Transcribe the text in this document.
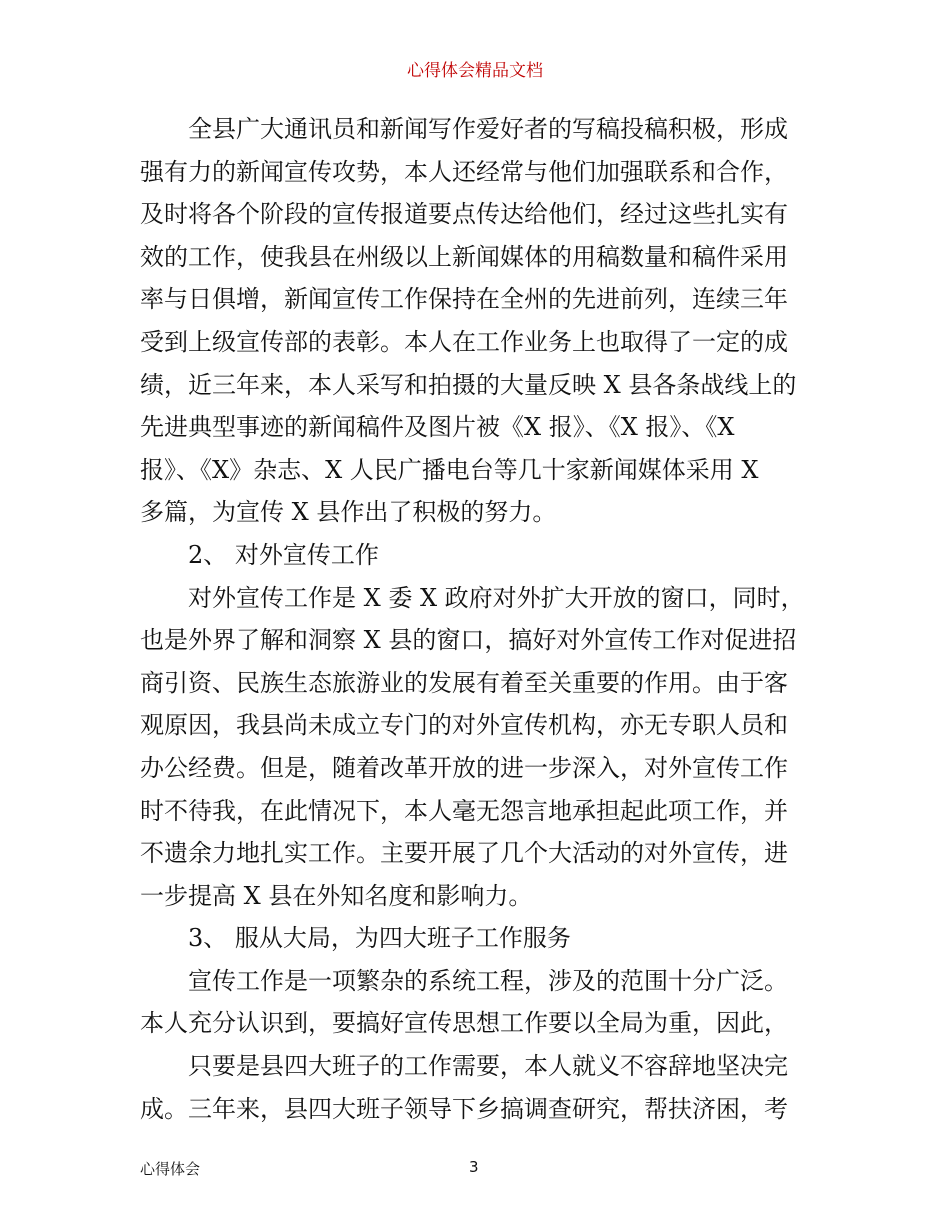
心得体会精品文档
全县广大通讯员和新闻写作爱好者的写稿投稿积极，形成
强有力的新闻宣传攻势，本人还经常与他们加强联系和合作，
及时将各个阶段的宣传报道要点传达给他们，经过这些扎实有
效的工作，使我县在州级以上新闻媒体的用稿数量和稿件采用
率与日俱增，新闻宣传工作保持在全州的先进前列，连续三年
受到上级宣传部的表彰。本人在工作业务上也取得了一定的成
绩，近三年来，本人采写和拍摄的大量反映 X 县各条战线上的
先进典型事迹的新闻稿件及图片被《X 报》、《X 报》、《X
报》、《X》杂志、X 人民广播电台等几十家新闻媒体采用 X
多篇，为宣传 X 县作出了积极的努力。
2、 对外宣传工作
对外宣传工作是 X 委 X 政府对外扩大开放的窗口，同时，
也是外界了解和洞察 X 县的窗口，搞好对外宣传工作对促进招
商引资、民族生态旅游业的发展有着至关重要的作用。由于客
观原因，我县尚未成立专门的对外宣传机构，亦无专职人员和
办公经费。但是，随着改革开放的进一步深入，对外宣传工作
时不待我，在此情况下，本人毫无怨言地承担起此项工作，并
不遗余力地扎实工作。主要开展了几个大活动的对外宣传，进
一步提高 X 县在外知名度和影响力。
3、 服从大局，为四大班子工作服务
宣传工作是一项繁杂的系统工程，涉及的范围十分广泛。
本人充分认识到，要搞好宣传思想工作要以全局为重，因此，
只要是县四大班子的工作需要，本人就义不容辞地坚决完
成。三年来，县四大班子领导下乡搞调查研究，帮扶济困，考
心得体会	3
